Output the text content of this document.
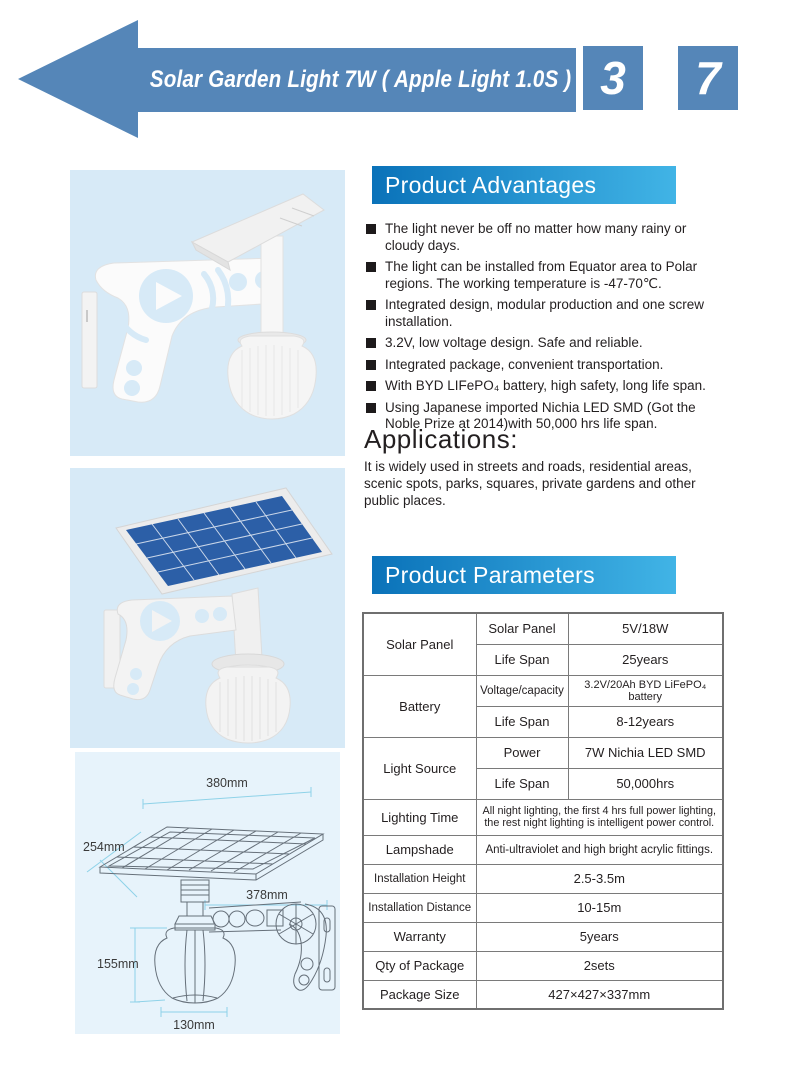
Solar Garden Light 7W ( Apple Light 1.0S ) 3 7
380mm
254mm
378mm
155mm
130mm
Product Advantages
The light never be off no matter how many rainy or cloudy days.
The light can be installed from Equator area to Polar regions. The working temperature is -47-70℃.
Integrated design, modular production and one screw installation.
3.2V, low voltage design. Safe and reliable.
Integrated package, convenient transportation.
With BYD LIFePO₄ battery, high safety, long life span.
Using Japanese imported Nichia LED SMD (Got the Noble Prize at 2014)with 50,000 hrs life span.
Applications:
It is widely used in streets and roads, residential areas, scenic spots, parks, squares, private gardens and other public places.
Product Parameters
Solar Panel	Solar Panel	5V/18W
	Life Span	25years
Battery	Voltage/capacity	3.2V/20Ah BYD LiFePO₄ battery
	Life Span	8-12years
Light Source	Power	7W Nichia LED SMD
	Life Span	50,000hrs
Lighting Time	All night lighting, the first 4 hrs full power lighting, the rest night lighting is intelligent power control.	
Lampshade	Anti-ultraviolet and high bright acrylic fittings.	
Installation Height	2.5-3.5m	
Installation Distance	10-15m	
Warranty	5years	
Qty of Package	2sets	
Package Size	427×427×337mm	
